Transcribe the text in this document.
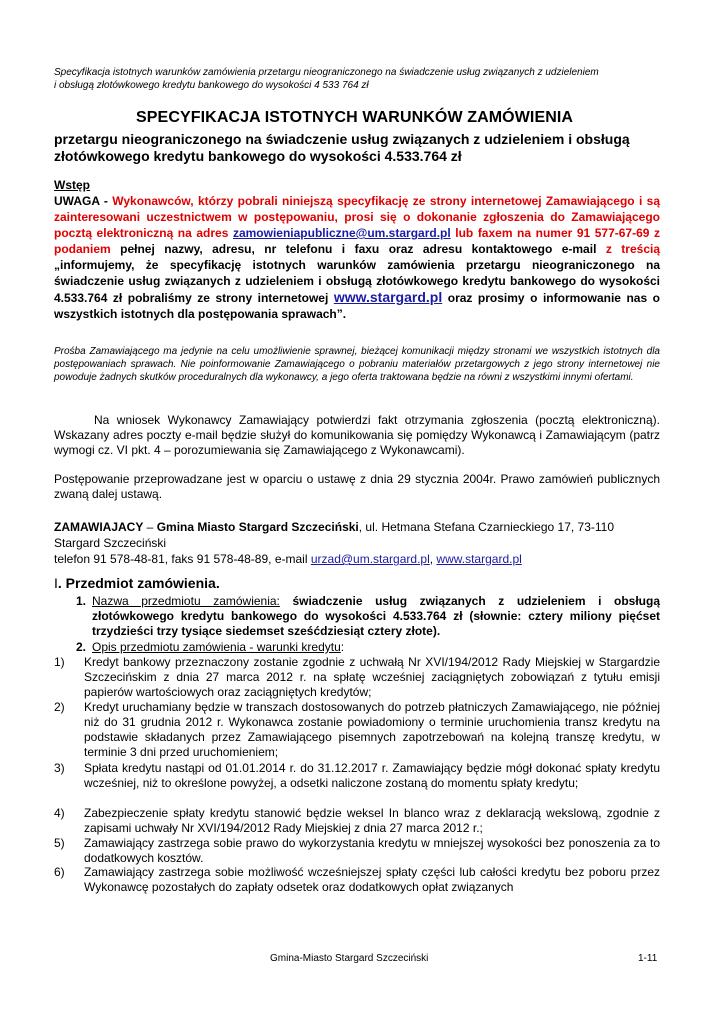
Specyfikacja istotnych warunków zamówienia przetargu nieograniczonego na świadczenie usług związanych z udzieleniem
i obsługą złotówkowego kredytu bankowego do wysokości 4 533 764 zł
SPECYFIKACJA ISTOTNYCH WARUNKÓW ZAMÓWIENIA
przetargu nieograniczonego na świadczenie usług związanych z udzieleniem i obsługą złotówkowego kredytu bankowego do wysokości 4.533.764 zł
Wstęp
UWAGA - Wykonawców, którzy pobrali niniejszą specyfikację ze strony internetowej Zamawiającego i są zainteresowani uczestnictwem w postępowaniu, prosi się o dokonanie zgłoszenia do Zamawiającego pocztą elektroniczną na adres zamowieniapubliczne@um.stargard.pl lub faxem na numer 91 577-67-69 z podaniem pełnej nazwy, adresu, nr telefonu i faxu oraz adresu kontaktowego e-mail z treścią „informujemy, że specyfikację istotnych warunków zamówienia przetargu nieograniczonego na świadczenie usług związanych z udzieleniem i obsługą złotówkowego kredytu bankowego do wysokości 4.533.764 zł pobraliśmy ze strony internetowej www.stargard.pl oraz prosimy o informowanie nas o wszystkich istotnych dla postępowania sprawach”.
Prośba Zamawiającego ma jedynie na celu umożliwienie sprawnej, bieżącej komunikacji między stronami we wszystkich istotnych dla postępowaniach sprawach. Nie poinformowanie Zamawiającego o pobraniu materiałów przetargowych z jego strony internetowej nie powoduje żadnych skutków proceduralnych dla wykonawcy, a jego oferta traktowana będzie na równi z wszystkimi innymi ofertami.
Na wniosek Wykonawcy Zamawiający potwierdzi fakt otrzymania zgłoszenia (pocztą elektroniczną). Wskazany adres poczty e-mail będzie służył do komunikowania się pomiędzy Wykonawcą i Zamawiającym (patrz wymogi cz. VI pkt. 4 – porozumiewania się Zamawiającego z Wykonawcami).
Postępowanie przeprowadzane jest w oparciu o ustawę z dnia 29 stycznia 2004r. Prawo zamówień publicznych zwaną dalej ustawą.
ZAMAWIAJACY – Gmina Miasto Stargard Szczeciński, ul. Hetmana Stefana Czarnieckiego 17, 73-110 Stargard Szczeciński
telefon 91 578-48-81, faks 91 578-48-89, e-mail urzad@um.stargard.pl, www.stargard.pl
I. Przedmiot zamówienia.
1. Nazwa przedmiotu zamówienia: świadczenie usług związanych z udzieleniem i obsługą złotówkowego kredytu bankowego do wysokości 4.533.764 zł (słownie: cztery miliony pięćset trzydzieści trzy tysiące siedemset sześćdziesiąt cztery złote).
2. Opis przedmiotu zamówienia - warunki kredytu:
1) Kredyt bankowy przeznaczony zostanie zgodnie z uchwałą Nr XVI/194/2012 Rady Miejskiej w Stargardzie Szczecińskim z dnia 27 marca 2012 r. na spłatę wcześniej zaciągniętych zobowiązań z tytułu emisji papierów wartościowych oraz zaciągniętych kredytów;
2) Kredyt uruchamiany będzie w transzach dostosowanych do potrzeb płatniczych Zamawiającego, nie później niż do 31 grudnia 2012 r. Wykonawca zostanie powiadomiony o terminie uruchomienia transz kredytu na podstawie składanych przez Zamawiającego pisemnych zapotrzebowań na kolejną transzę kredytu, w terminie 3 dni przed uruchomieniem;
3) Spłata kredytu nastąpi od 01.01.2014 r. do 31.12.2017 r. Zamawiający będzie mógł dokonać spłaty kredytu wcześniej, niż to określone powyżej, a odsetki naliczone zostaną do momentu spłaty kredytu;
4) Zabezpieczenie spłaty kredytu stanowić będzie weksel In blanco wraz z deklaracją wekslową, zgodnie z zapisami uchwały Nr XVI/194/2012 Rady Miejskiej z dnia 27 marca 2012 r.;
5) Zamawiający zastrzega sobie prawo do wykorzystania kredytu w mniejszej wysokości bez ponoszenia za to dodatkowych kosztów.
6) Zamawiający zastrzega sobie możliwość wcześniejszej spłaty części lub całości kredytu bez poboru przez Wykonawcę pozostałych do zapłaty odsetek oraz dodatkowych opłat związanych
Gmina-Miasto Stargard Szczeciński	1-11
